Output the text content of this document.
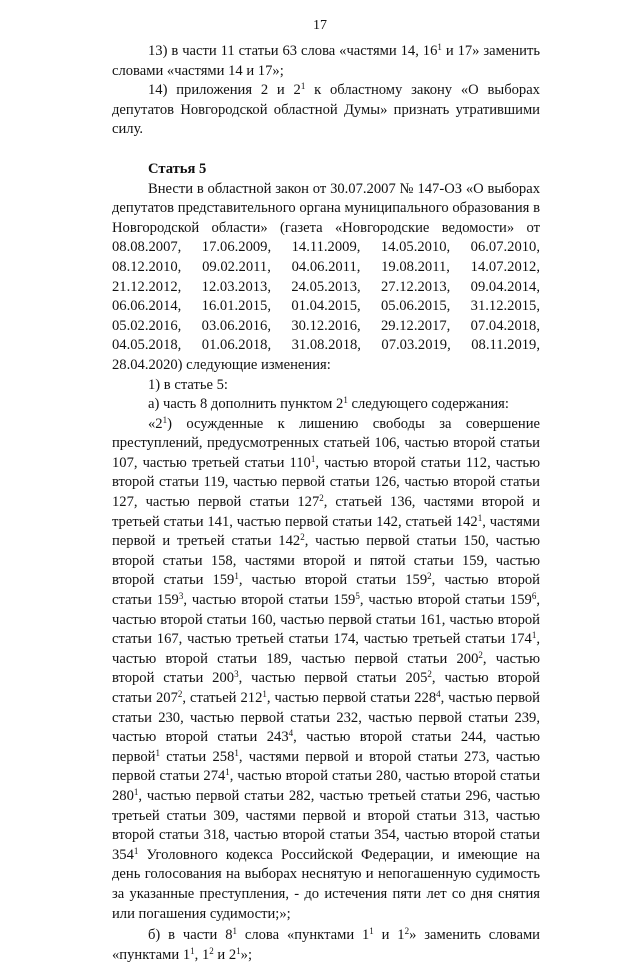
17

13) в части 11 статьи 63 слова «частями 14, $16^1$ и 17» заменить словами «частями 14 и 17»;

14) приложения 2 и $2^1$ к областному закону «О выборах депутатов Новгородской областной Думы» признать утратившими силу.

Статья 5

Внести в областной закон от 30.07.2007 № 147-ОЗ «О выборах депутатов представительного органа муниципального образования в Новгородской области» (газета «Новгородские ведомости» от 08.08.2007, 17.06.2009, 14.11.2009, 14.05.2010, 06.07.2010, 08.12.2010, 09.02.2011, 04.06.2011, 19.08.2011, 14.07.2012, 21.12.2012, 12.03.2013, 24.05.2013, 27.12.2013, 09.04.2014, 06.06.2014, 16.01.2015, 01.04.2015, 05.06.2015, 31.12.2015, 05.02.2016, 03.06.2016, 30.12.2016, 29.12.2017, 07.04.2018, 04.05.2018, 01.06.2018, 31.08.2018, 07.03.2019, 08.11.2019, 28.04.2020) следующие изменения:

1) в статье 5:

а) часть 8 дополнить пунктом $2^1$ следующего содержания:

«$2^1$) осужденные к лишению свободы за совершение преступлений, предусмотренных статьей 106, частью второй статьи 107, частью третьей статьи $110^1$, частью второй статьи 112, частью второй статьи 119, частью первой статьи 126, частью второй статьи 127, частью первой статьи $127^2$, статьей 136, частями второй и третьей статьи 141, частью первой статьи 142, статьей $142^1$, частями первой и третьей статьи $142^2$, частью первой статьи 150, частью второй статьи 158, частями второй и пятой статьи 159, частью второй статьи $159^1$, частью второй статьи $159^2$, частью второй статьи $159^3$, частью второй статьи $159^5$, частью второй статьи $159^6$, частью второй статьи 160, частью первой статьи 161, частью второй статьи 167, частью третьей статьи 174, частью третьей статьи $174^1$, частью второй статьи 189, частью первой статьи $200^2$, частью второй статьи $200^3$, частью первой статьи $205^2$, частью второй статьи $207^2$, статьей $212^1$, частью первой статьи $228^4$, частью первой статьи 230, частью первой статьи 232, частью первой статьи 239, частью второй статьи $243^4$, частью второй статьи 244, частью первой$^1$ статьи $258^1$, частями первой и второй статьи 273, частью первой статьи $274^1$, частью второй статьи 280, частью второй статьи $280^1$, частью первой статьи 282, частью третьей статьи 296, частью третьей статьи 309, частями первой и второй статьи 313, частью второй статьи 318, частью второй статьи 354, частью второй статьи $354^1$ Уголовного кодекса Российской Федерации, и имеющие на день голосования на выборах неснятую и непогашенную судимость за указанные преступления, - до истечения пяти лет со дня снятия или погашения судимости;»;

б) в части $8^1$ слова «пунктами $1^1$ и $1^2$» заменить словами «пунктами $1^1$, $1^2$ и $2^1$»;
